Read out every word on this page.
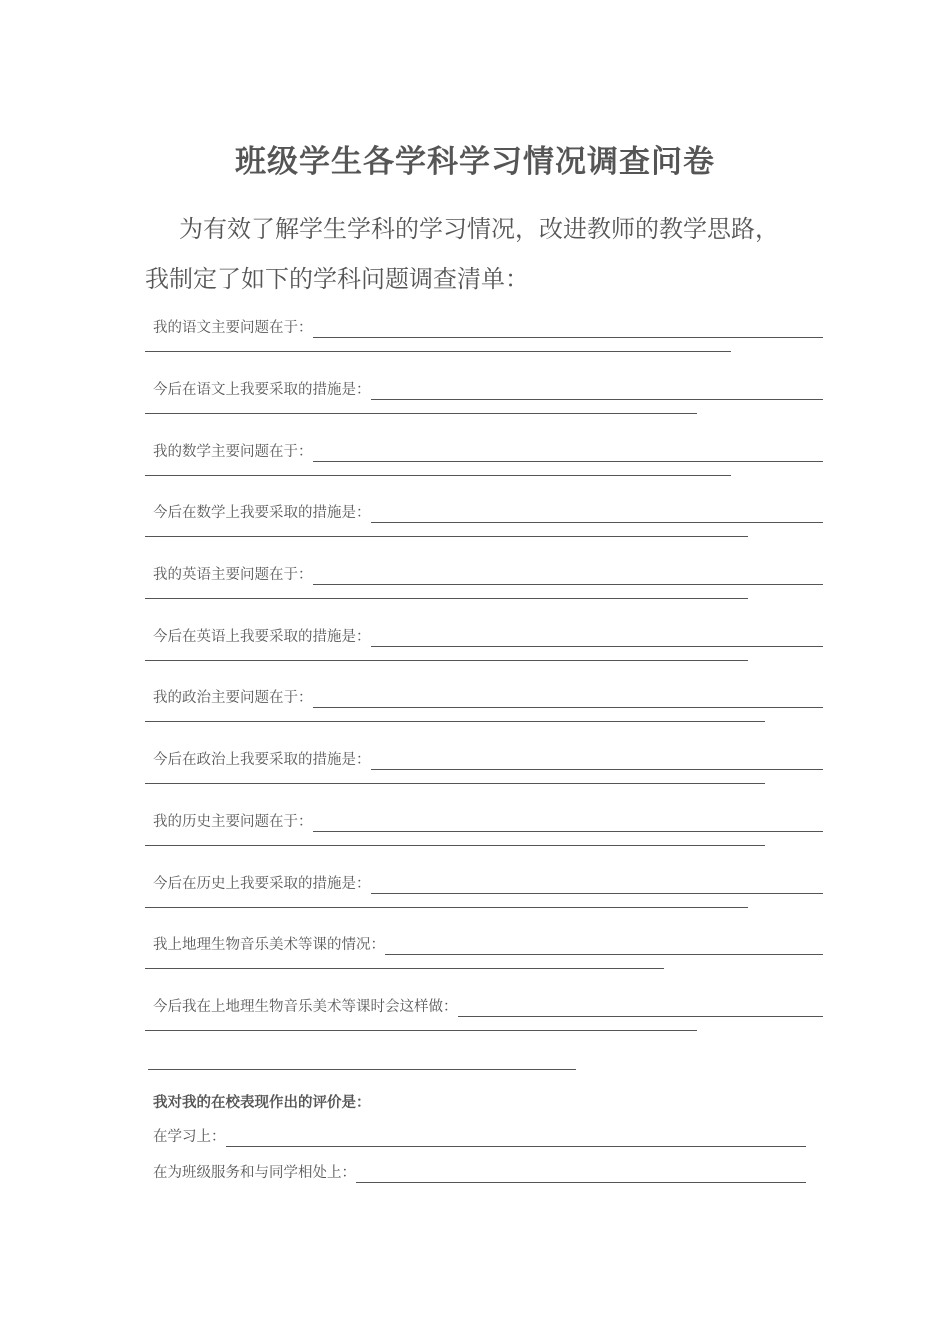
班级学生各学科学习情况调查问卷
为有效了解学生学科的学习情况，改进教师的教学思路，
我制定了如下的学科问题调查清单：
我的语文主要问题在于：
今后在语文上我要采取的措施是：
我的数学主要问题在于：
今后在数学上我要采取的措施是：
我的英语主要问题在于：
今后在英语上我要采取的措施是：
我的政治主要问题在于：
今后在政治上我要采取的措施是：
我的历史主要问题在于：
今后在历史上我要采取的措施是：
我上地理生物音乐美术等课的情况：
今后我在上地理生物音乐美术等课时会这样做：
我对我的在校表现作出的评价是：
在学习上：
在为班级服务和与同学相处上：
